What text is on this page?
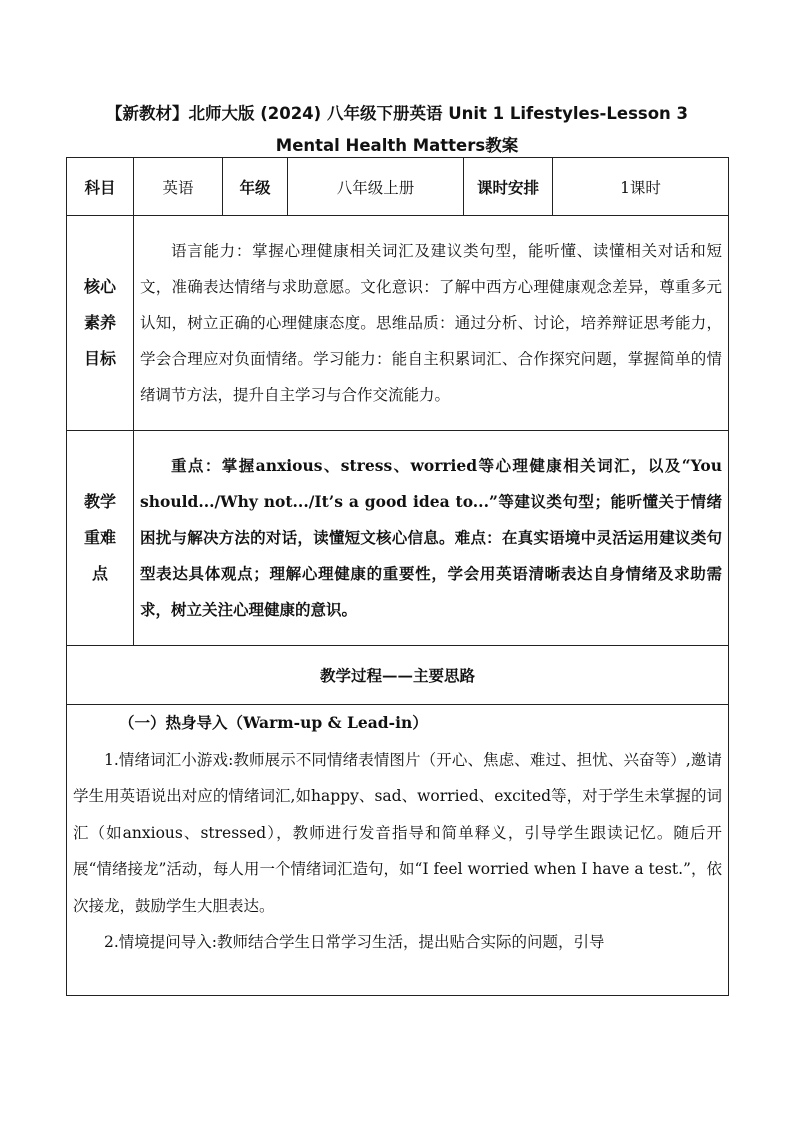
【新教材】北师大版 (2024) 八年级下册英语 Unit 1 Lifestyles-Lesson 3
Mental Health Matters教案
科目	英语	年级	八年级上册	课时安排	1课时

核心素养目标	语言能力：掌握心理健康相关词汇及建议类句型，能听懂、读懂相关对话和短文，准确表达情绪与求助意愿。文化意识：了解中西方心理健康观念差异，尊重多元认知，树立正确的心理健康态度。思维品质：通过分析、讨论，培养辩证思考能力，学会合理应对负面情绪。学习能力：能自主积累词汇、合作探究问题，掌握简单的情绪调节方法，提升自主学习与合作交流能力。				

教学重难点	重点：掌握anxious、stress、worried等心理健康相关词汇，以及“You should.../Why not.../It’s a good idea to...”等建议类句型；能听懂关于情绪困扰与解决方法的对话，读懂短文核心信息。难点：在真实语境中灵活运用建议类句型表达具体观点；理解心理健康的重要性，学会用英语清晰表达自身情绪及求助需求，树立关注心理健康的意识。				
教学过程——主要思路					

（一）热身导入（Warm-up & Lead-in）

1.情绪词汇小游戏:教师展示不同情绪表情图片（开心、焦虑、难过、担忧、兴奋等）,邀请学生用英语说出对应的情绪词汇,如happy、sad、worried、excited等，对于学生未掌握的词汇（如anxious、stressed），教师进行发音指导和简单释义，引导学生跟读记忆。随后开展“情绪接龙”活动，每人用一个情绪词汇造句，如“I feel worried when I have a test.”，依次接龙，鼓励学生大胆表达。

2.情境提问导入:教师结合学生日常学习生活，提出贴合实际的问题，引导					
